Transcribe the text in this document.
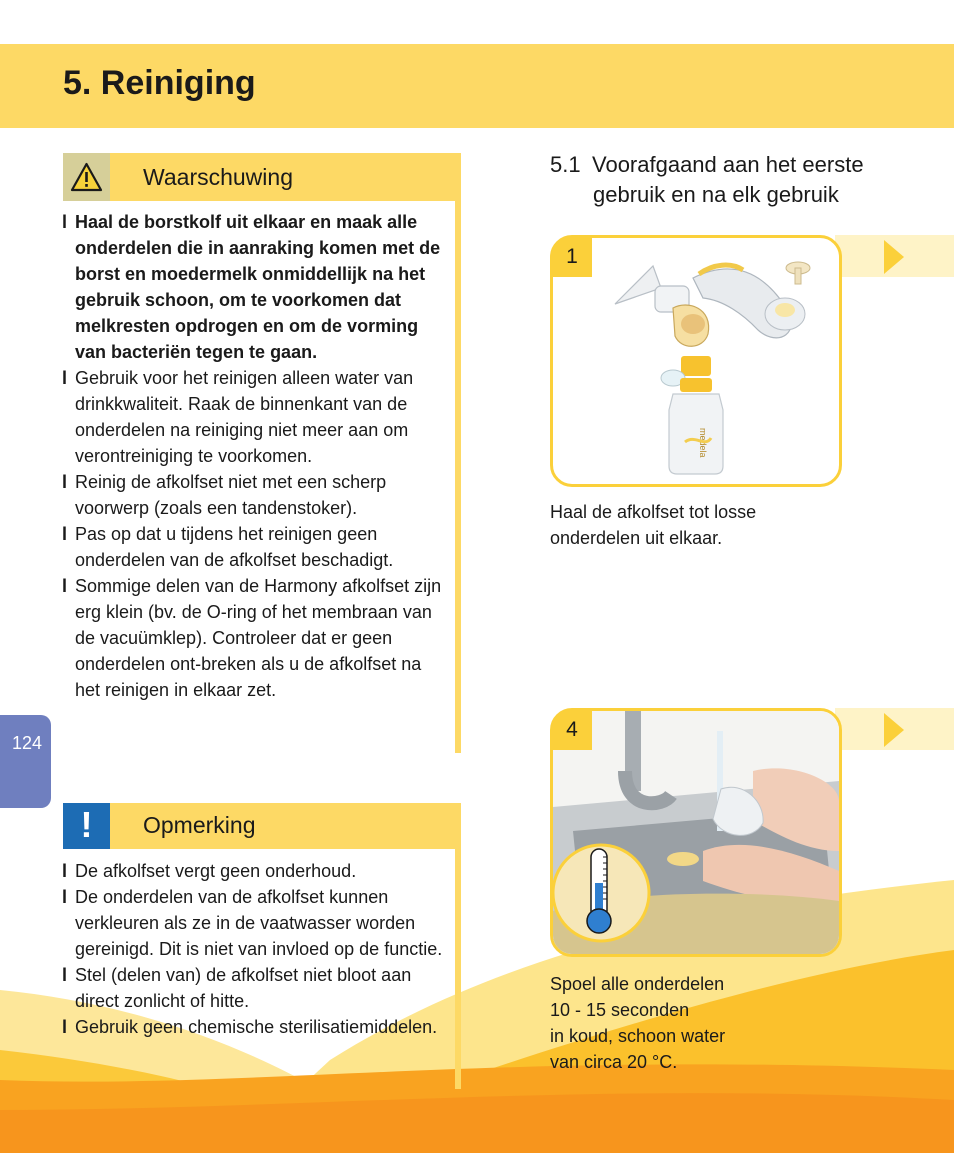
5. Reiniging
Waarschuwing
l Haal de borstkolf uit elkaar en maak alle onderdelen die in aanraking komen met de borst en moedermelk onmiddellijk na het gebruik schoon, om te voorkomen dat melkresten opdrogen en om de vorming van bacteriën tegen te gaan.
l Gebruik voor het reinigen alleen water van drinkkwaliteit. Raak de binnenkant van de onderdelen na reiniging niet meer aan om verontreiniging te voorkomen.
l Reinig de afkolfset niet met een scherp voorwerp (zoals een tandenstoker).
l Pas op dat u tijdens het reinigen geen onderdelen van de afkolfset beschadigt.
l Sommige delen van de Harmony afkolfset zijn erg klein (bv. de O-ring of het membraan van de vacuümklep). Controleer dat er geen onderdelen ont-breken als u de afkolfset na het reinigen in elkaar zet.
!	Opmerking
l De afkolfset vergt geen onderhoud.
l De onderdelen van de afkolfset kunnen verkleuren als ze in de vaatwasser worden gereinigd. Dit is niet van invloed op de functie.
l Stel (delen van) de afkolfset niet bloot aan direct zonlicht of hitte.
l Gebruik geen chemische sterilisatiemiddelen.
124
5.1 Voorafgaand aan het eerste
gebruik en na elk gebruik
medela
1
Haal de afkolfset tot losse
onderdelen uit elkaar.
4
Spoel alle onderdelen
10 - 15 seconden
in koud, schoon water
van circa 20 °C.
